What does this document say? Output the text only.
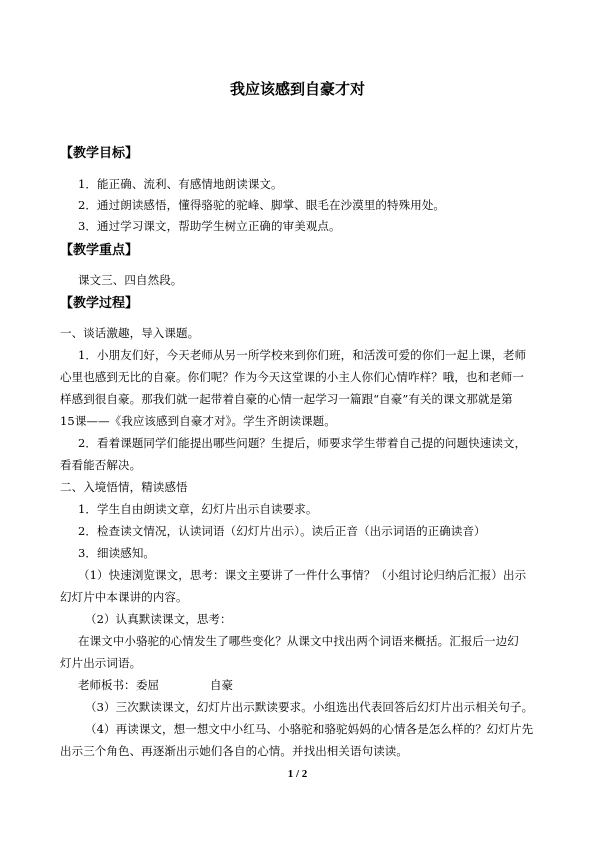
我应该感到自豪才对
【教学目标】
1．能正确、流利、有感情地朗读课文。
2．通过朗读感悟，懂得骆驼的驼峰、脚掌、眼毛在沙漠里的特殊用处。
3．通过学习课文，帮助学生树立正确的审美观点。
【教学重点】
课文三、四自然段。
【教学过程】
一、谈话激趣，导入课题。
1．小朋友们好，今天老师从另一所学校来到你们班，和活泼可爱的你们一起上课，老师
心里也感到无比的自豪。你们呢？作为今天这堂课的小主人你们心情咋样？哦，也和老师一
样感到很自豪。那我们就一起带着自豪的心情一起学习一篇跟“自豪”有关的课文那就是第
15课——《我应该感到自豪才对》。学生齐朗读课题。
2．看着课题同学们能提出哪些问题？生提后，师要求学生带着自己提的问题快速读文，
看看能否解决。
二、入境悟情，精读感悟
1．学生自由朗读文章，幻灯片出示自读要求。
2．检查读文情况，认读词语（幻灯片出示）。读后正音（出示词语的正确读音）
3．细读感知。
（1）快速浏览课文，思考：课文主要讲了一件什么事情？（小组讨论归纳后汇报）出示
幻灯片中本课讲的内容。
（2）认真默读课文，思考：
在课文中小骆驼的心情发生了哪些变化？从课文中找出两个词语来概括。汇报后一边幻
灯片出示词语。
老师板书： 委屈	自豪
（3）三次默读课文，幻灯片出示默读要求。小组选出代表回答后幻灯片出示相关句子。
（4）再读课文，想一想文中小红马、小骆驼和骆驼妈妈的心情各是怎么样的？幻灯片先
出示三个角色、再逐渐出示她们各自的心情。并找出相关语句读读。
1 / 2
